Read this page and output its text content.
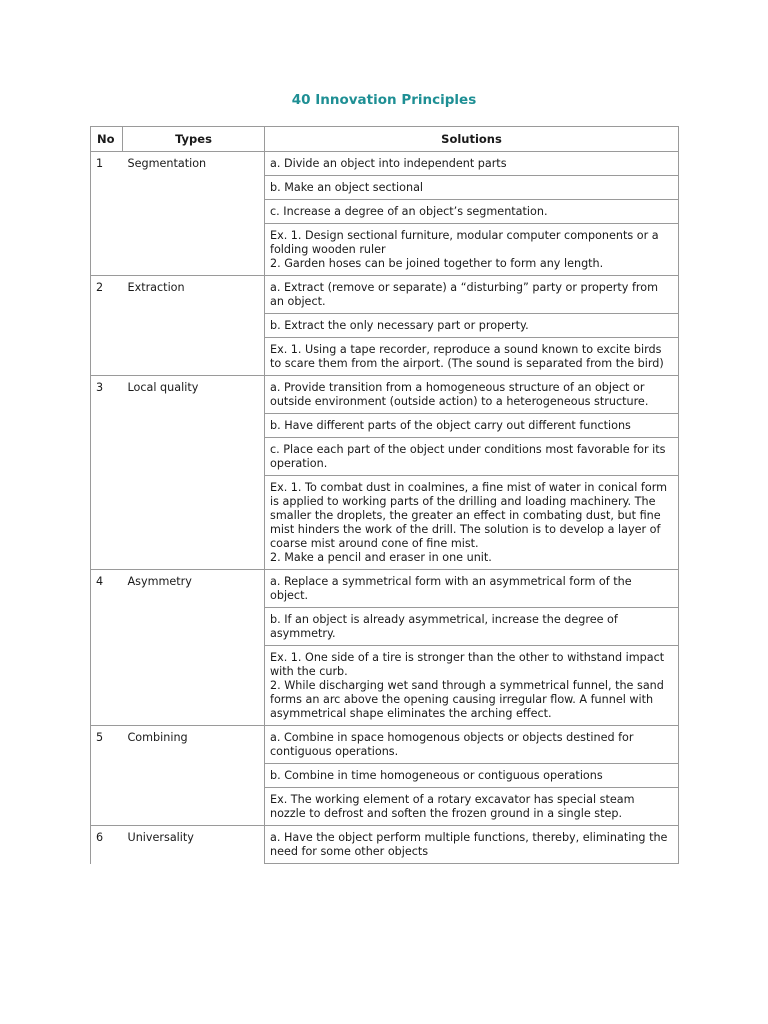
40 Innovation Principles
No	Types	Solutions
1	Segmentation	a. Divide an object into independent parts
		b. Make an object sectional
		c. Increase a degree of an object’s segmentation.
		Ex. 1. Design sectional furniture, modular computer components or a folding wooden ruler
2. Garden hoses can be joined together to form any length.
2	Extraction	a. Extract (remove or separate) a “disturbing” party or property from an object.
		b. Extract the only necessary part or property.
		Ex. 1. Using a tape recorder, reproduce a sound known to excite birds to scare them from the airport. (The sound is separated from the bird)
3	Local quality	a. Provide transition from a homogeneous structure of an object or outside environment (outside action) to a heterogeneous structure.
		b. Have different parts of the object carry out different functions
		c. Place each part of the object under conditions most favorable for its operation.
		Ex. 1. To combat dust in coalmines, a fine mist of water in conical form is applied to working parts of the drilling and loading machinery. The smaller the droplets, the greater an effect in combating dust, but fine mist hinders the work of the drill. The solution is to develop a layer of coarse mist around cone of fine mist.
2. Make a pencil and eraser in one unit.
4	Asymmetry	a. Replace a symmetrical form with an asymmetrical form of the object.
		b. If an object is already asymmetrical, increase the degree of asymmetry.
		Ex. 1. One side of a tire is stronger than the other to withstand impact with the curb.
2. While discharging wet sand through a symmetrical funnel, the sand forms an arc above the opening causing irregular flow. A funnel with asymmetrical shape eliminates the arching effect.
5	Combining	a. Combine in space homogenous objects or objects destined for contiguous operations.
		b. Combine in time homogeneous or contiguous operations
		Ex. The working element of a rotary excavator has special steam nozzle to defrost and soften the frozen ground in a single step.
6	Universality	a. Have the object perform multiple functions, thereby, eliminating the need for some other objects
